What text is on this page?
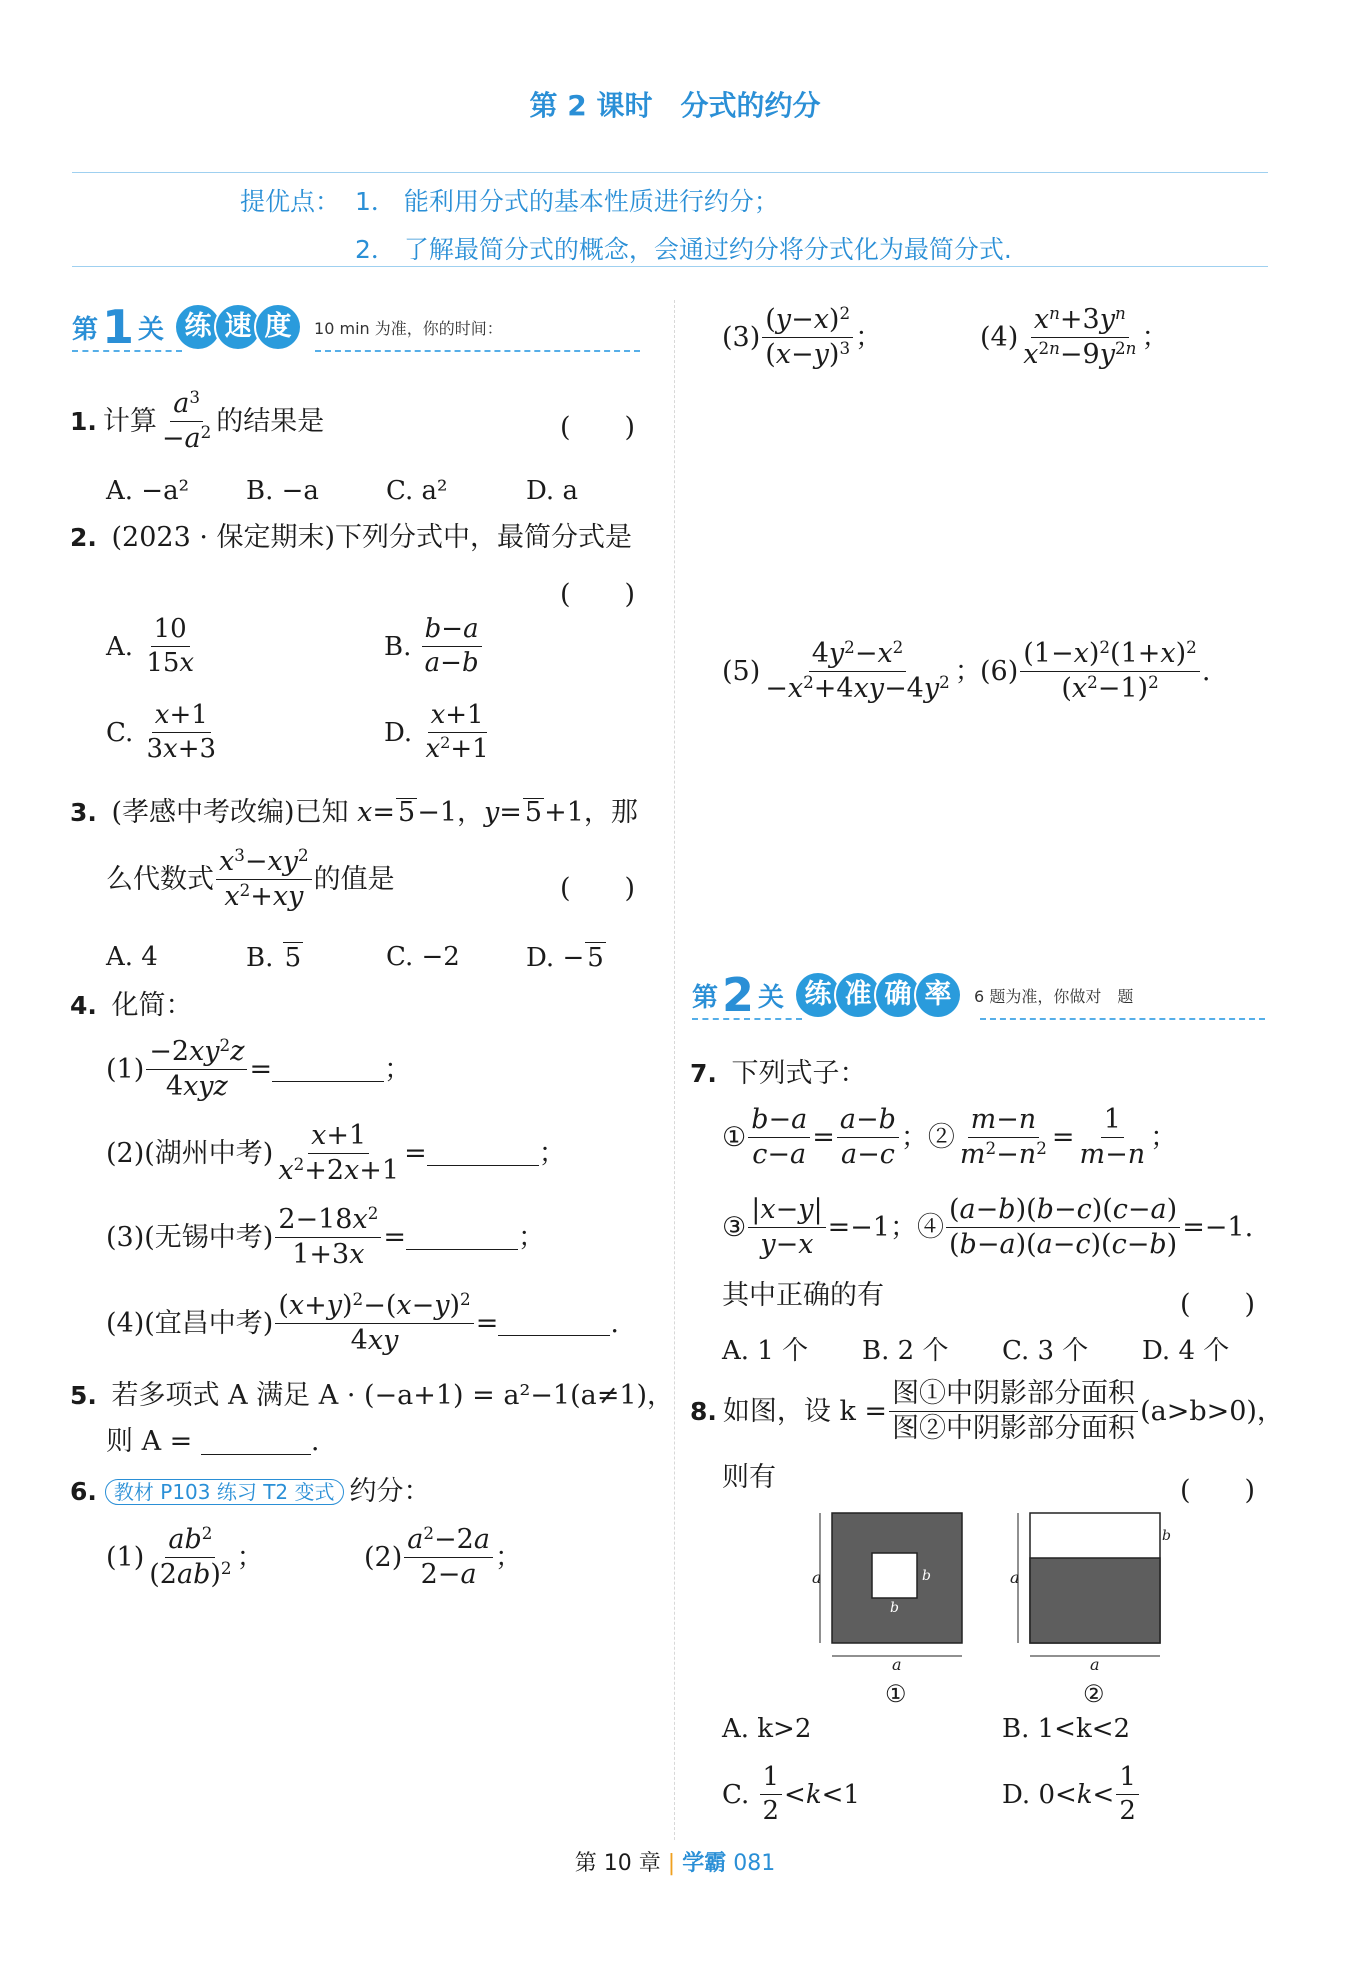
第 2 课时　分式的约分
提优点： 1． 能利用分式的基本性质进行约分；
2． 了解最简分式的概念，会通过约分将分式化为最简分式.
第 1 关 练 速 度	10 min 为准，你的时间：
1. 计算 $\frac{a^3}{-a^2}$ 的结果是	(　　)
A. −a² B. −a	C. a²	D. a
2. (2023 · 保定期末)下列分式中，最简分式是
(　　)
A. $\frac{10}{15x}$	B. $\frac{b-a}{a-b}$
C. $\frac{x+1}{3x+3}$	D. $\frac{x+1}{x^2+1}$
3. (孝感中考改编)已知 x= 5−1，y= 5+1，那
么代数式 $\frac{x^3-xy^2}{x^2+xy}$ 的值是	(　　)
A. 4	B. 5	C. −2	D. − 5
4. 化简：
$(1) \frac{-2xy^2z}{\text{4xyz}}$ =	；
(2)(湖州中考) $\frac{x+1}{x^2+2x+1}$ =	；
(3)(无锡中考) $\frac{2-18x^2}{1+3x}$ =	；
(4)(宜昌中考) $\frac{(x+y)^2-(x-y)^2}{4xy}$ =	.
5. 若多项式 A 满足 A · (−a+1) = a²−1(a≠1)，
则 A =	.
6. 教材 P103 练习 T2 变式 约分：
$(1) \frac{ab^2}{(2ab)^2}$ ；	$(2) \frac{a^2-2a}{2-a}$ ；
$(3) \frac{(y-x)^2}{(x-y)^3}$ ；	$(4) \frac{x^n+3y^n}{x^{2n}-9y^{2n}}$ ；
$(5) \frac{4y^2-x^2}{-x^2+4xy-4y^2}$ ；
$(6) \frac{(1-x)^2(1+x)^2}{(x^2-1)^2}$ .
第 2 关 练 准 确 率	6 题为准，你做对　题
7. 下列式子：
① $\frac{b-a}{c-a} = \frac{a-b}{a-c}$ ；② $\frac{m-n}{m^2-n^2} = \frac{1}{m-n}$ ；
③ $\frac{|x-y|}{y-x} =-1$；④ $\frac{(a-b)(b-c)(c-a)}{(b-a)(a-c)(c-b)} =-1$.
其中正确的有	(　　)
A. 1 个 B. 2 个 C. 3 个 D. 4 个
8. 如图，设 $k = \frac{\text{图①中阴影部分面积}}{\text{图②中阴影部分面积}} (a>b>0)$，
则有	(　　)
a
a
b
b
①
a
a
b
②
A. k>2	B. 1<k<2
C. $\frac{1}{2} < k <1$	D. $0< k < \frac{1}{2}$
第 10 章 | 学霸 081
